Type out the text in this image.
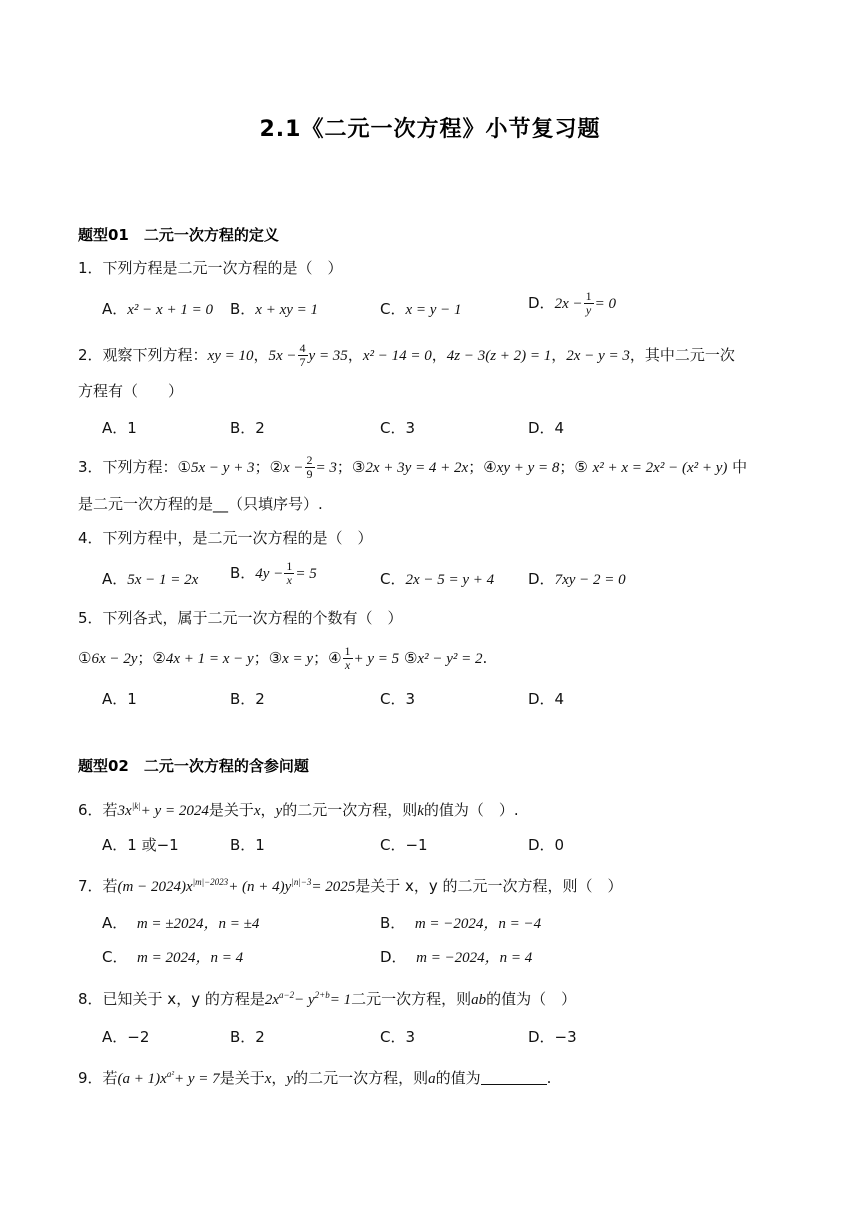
2.1《二元一次方程》小节复习题
题型01　二元一次方程的定义
1．下列方程是二元一次方程的是（　）
A．x² − x + 1 = 0 B．x + xy = 1	C．x = y − 1	D．$2x - \frac{1}{y} = 0$
2．观察下列方程：xy = 10，$5x - \frac{4}{7}$ y = 35，x² − 14 = 0，4z − 3(z + 2) = 1，2x − y = 3，其中二元一次
方程有（　　）
A．1	B．2	C．3	D．4
3．下列方程：①5x − y + 3；②x − $\frac{2}{9} = 3$；③2x + 3y = 4 + 2x；④xy + y = 8；⑤ x² + x = 2x² − (x² + y) 中
是二元一次方程的是__（只填序号）.
4．下列方程中，是二元一次方程的是（　）
A．5x − 1 = 2x B．$4y - \frac{1}{x} = 5$	C．2x − 5 = y + 4 D．7xy − 2 = 0
5．下列各式，属于二元一次方程的个数有（　）
①6x − 2y；②4x + 1 = x − y；③x = y；④ $\frac{1}{x} + y = 5$ ⑤x² − y² = 2.
A．1	B．2	C．3	D．4
题型02　二元一次方程的含参问题
6．若$3x^{|k|}+ y = 2024$是关于x，y的二元一次方程，则k的值为（　）.
A．1 或−1	B．1	C．−1	D．0
7．若$(m - 2024)x^{|m|-2023}+ (n + 4)y^{|n|-3}= 2025$是关于 x，y 的二元一次方程，则（　）
A． m = ±2024，n = ±4	B． m = −2024，n = −4
C． m = 2024，n = 4	D． m = −2024，n = 4
8．已知关于 x，y 的方程是$2x^{a-2}- y^{2+b}= 1$二元一次方程，则ab的值为（　）
A．−2	B．2	C．3	D．−3
9．若$(a + 1)x^{a^2}+ y = 7$是关于x，y的二元一次方程，则a的值为	.
